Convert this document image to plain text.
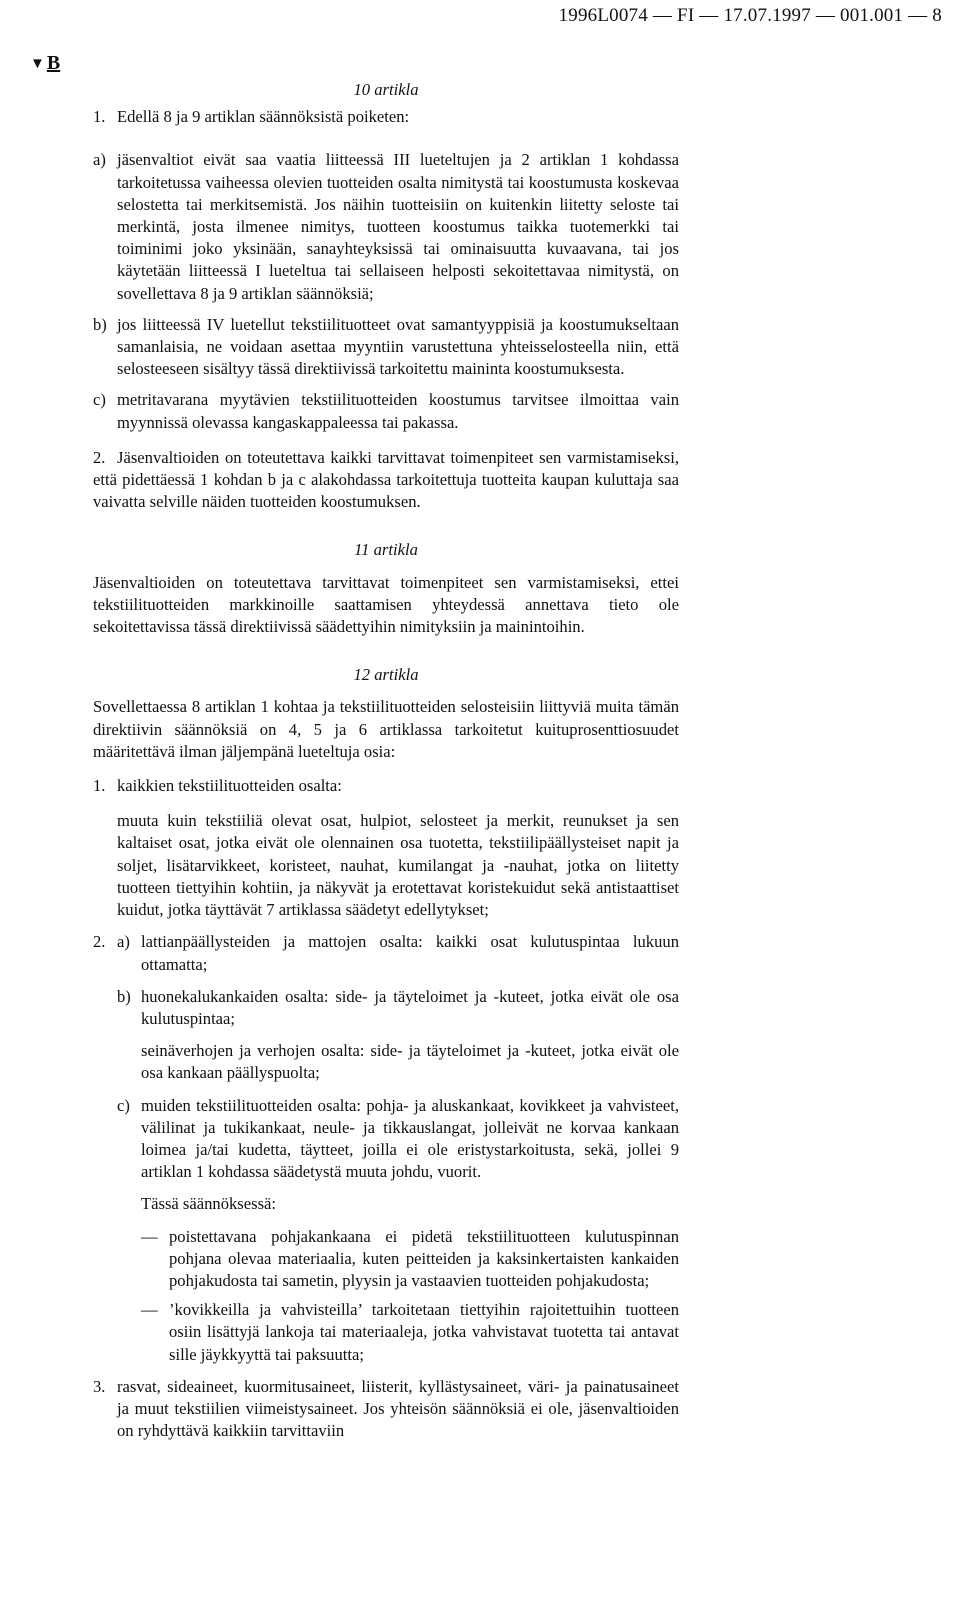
1996L0074 — FI — 17.07.1997 — 001.001 — 8
▼ B

10 artikla

1. Edellä 8 ja 9 artiklan säännöksistä poiketen:

a) jäsenvaltiot eivät saa vaatia liitteessä III lueteltujen ja 2 artiklan 1 kohdassa tarkoitetussa vaiheessa olevien tuotteiden osalta nimitystä tai koostumusta koskevaa selostetta tai merkitsemistä. Jos näihin tuotteisiin on kuitenkin liitetty seloste tai merkintä, josta ilmenee nimitys, tuotteen koostumus taikka tuotemerkki tai toiminimi joko yksinään, sanayhteyksissä tai ominaisuutta kuvaavana, tai jos käytetään liitteessä I lueteltua tai sellaiseen helposti sekoitettavaa nimitystä, on sovellettava 8 ja 9 artiklan säännöksiä;

b) jos liitteessä IV luetellut tekstiilituotteet ovat samantyyppisiä ja koostumukseltaan samanlaisia, ne voidaan asettaa myyntiin varustettuna yhteisselosteella niin, että selosteeseen sisältyy tässä direktiivissä tarkoitettu maininta koostumuksesta.

c) metritavarana myytävien tekstiilituotteiden koostumus tarvitsee ilmoittaa vain myynnissä olevassa kangaskappaleessa tai pakassa.

2. Jäsenvaltioiden on toteutettava kaikki tarvittavat toimenpiteet sen varmistamiseksi, että pidettäessä 1 kohdan b ja c alakohdassa tarkoitettuja tuotteita kaupan kuluttaja saa vaivatta selville näiden tuotteiden koostumuksen.

11 artikla

Jäsenvaltioiden on toteutettava tarvittavat toimenpiteet sen varmistamiseksi, ettei tekstiilituotteiden markkinoille saattamisen yhteydessä annettava tieto ole sekoitettavissa tässä direktiivissä säädettyihin nimityksiin ja mainintoihin.

12 artikla

Sovellettaessa 8 artiklan 1 kohtaa ja tekstiilituotteiden selosteisiin liittyviä muita tämän direktiivin säännöksiä on 4, 5 ja 6 artiklassa tarkoitetut kuituprosenttiosuudet määritettävä ilman jäljempänä lueteltuja osia:

1. kaikkien tekstiilituotteiden osalta:

muuta kuin tekstiiliä olevat osat, hulpiot, selosteet ja merkit, reunukset ja sen kaltaiset osat, jotka eivät ole olennainen osa tuotetta, tekstiilipäällysteiset napit ja soljet, lisätarvikkeet, koristeet, nauhat, kumilangat ja -nauhat, jotka on liitetty tuotteen tiettyihin kohtiin, ja näkyvät ja erotettavat koristekuidut sekä antistaattiset kuidut, jotka täyttävät 7 artiklassa säädetyt edellytykset;

2. a) lattianpäällysteiden ja mattojen osalta: kaikki osat kulutuspintaa lukuun ottamatta;

b) huonekalukankaiden osalta: side- ja täyteloimet ja -kuteet, jotka eivät ole osa kulutuspintaa;

seinäverhojen ja verhojen osalta: side- ja täyteloimet ja -kuteet, jotka eivät ole osa kankaan päällyspuolta;

c) muiden tekstiilituotteiden osalta: pohja- ja aluskankaat, kovikkeet ja vahvisteet, välilinat ja tukikankaat, neule- ja tikkauslangat, jolleivät ne korvaa kankaan loimea ja/tai kudetta, täytteet, joilla ei ole eristystarkoitusta, sekä, jollei 9 artiklan 1 kohdassa säädetystä muuta johdu, vuorit.

Tässä säännöksessä:

— poistettavana pohjakankaana ei pidetä tekstiilituotteen kulutuspinnan pohjana olevaa materiaalia, kuten peitteiden ja kaksinkertaisten kankaiden pohjakudosta tai sametin, plyysin ja vastaavien tuotteiden pohjakudosta;

— ’kovikkeilla ja vahvisteilla’ tarkoitetaan tiettyihin rajoitettuihin tuotteen osiin lisättyjä lankoja tai materiaaleja, jotka vahvistavat tuotetta tai antavat sille jäykkyyttä tai paksuutta;

3. rasvat, sideaineet, kuormitusaineet, liisterit, kyllästysaineet, väri- ja painatusaineet ja muut tekstiilien viimeistysaineet. Jos yhteisön säännöksiä ei ole, jäsenvaltioiden on ryhdyttävä kaikkiin tarvittaviin
